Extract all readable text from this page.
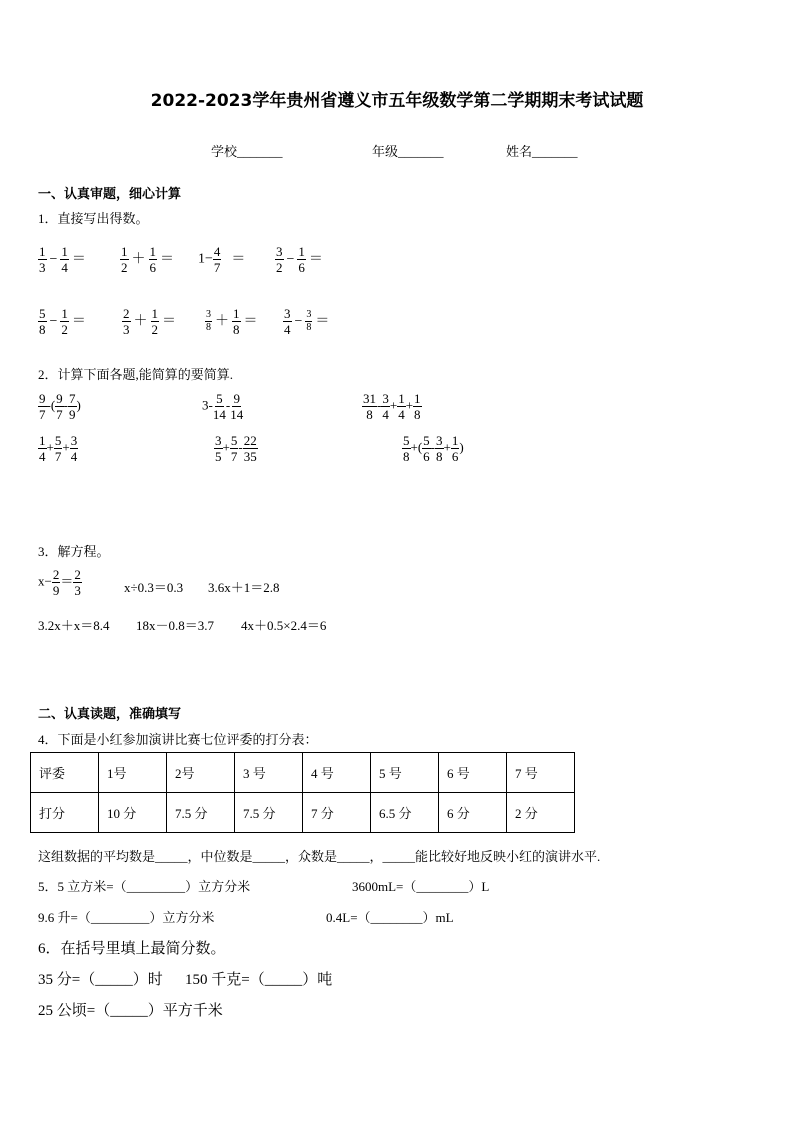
2022-2023学年贵州省遵义市五年级数学第二学期期末考试试题
学校_______	年级_______	姓名_______
一、认真审题，细心计算
1．直接写出得数。
$\frac{1}{3} - \frac{1}{4}$ ＝	$\frac{1}{2} + \frac{1}{6} = 1- \frac{4}{7} = \frac{3}{2} - \frac{1}{6}$ ＝
$\frac{5}{8} - \frac{1}{2}$ ＝	$\frac{2}{3} + \frac{1}{2}$ ＝	$\frac{3}{8} + \frac{1}{8} = \frac{3}{4} - \frac{3}{8}$ ＝
2．计算下面各题,能简算的要简算.
$\frac{9}{7}$ -( $\frac{9}{7} - \frac{7}{9}$ )	$3- \frac{5}{14} - \frac{9}{14}$	$\frac{31}{8} - \frac{3}{4} + \frac{1}{4} + \frac{1}{8}$
$\frac{1}{4} + \frac{5}{7} + \frac{3}{4}$	$\frac{3}{5} + \frac{5}{7} - \frac{22}{35}$	$\frac{5}{8}$ +( $\frac{5}{6} - \frac{3}{8} + \frac{1}{6}$ )
3．解方程。
$x- \frac{2}{9} = \frac{2}{3}$	x÷0.3＝0.3 3.6x＋1＝2.8
3.2x＋x＝8.4 18x－0.8＝3.7 4x＋0.5×2.4＝6
二、认真读题，准确填写
4．下面是小红参加演讲比赛七位评委的打分表：
评委	1号	2号	3 号	4 号	5 号	6 号	7 号
打分	10 分	7.5 分	7.5 分	7 分	6.5 分	6 分	2 分
这组数据的平均数是_____，中位数是_____，众数是_____，_____能比较好地反映小红的演讲水平.
5．5 立方米=（_________）立方分米	3600mL=（________）L
9.6 升=（_________）立方分米	0.4L=（________）mL
6．在括号里填上最简分数。
35 分=（_____）时 150 千克=（_____）吨
25 公顷=（_____）平方千米
